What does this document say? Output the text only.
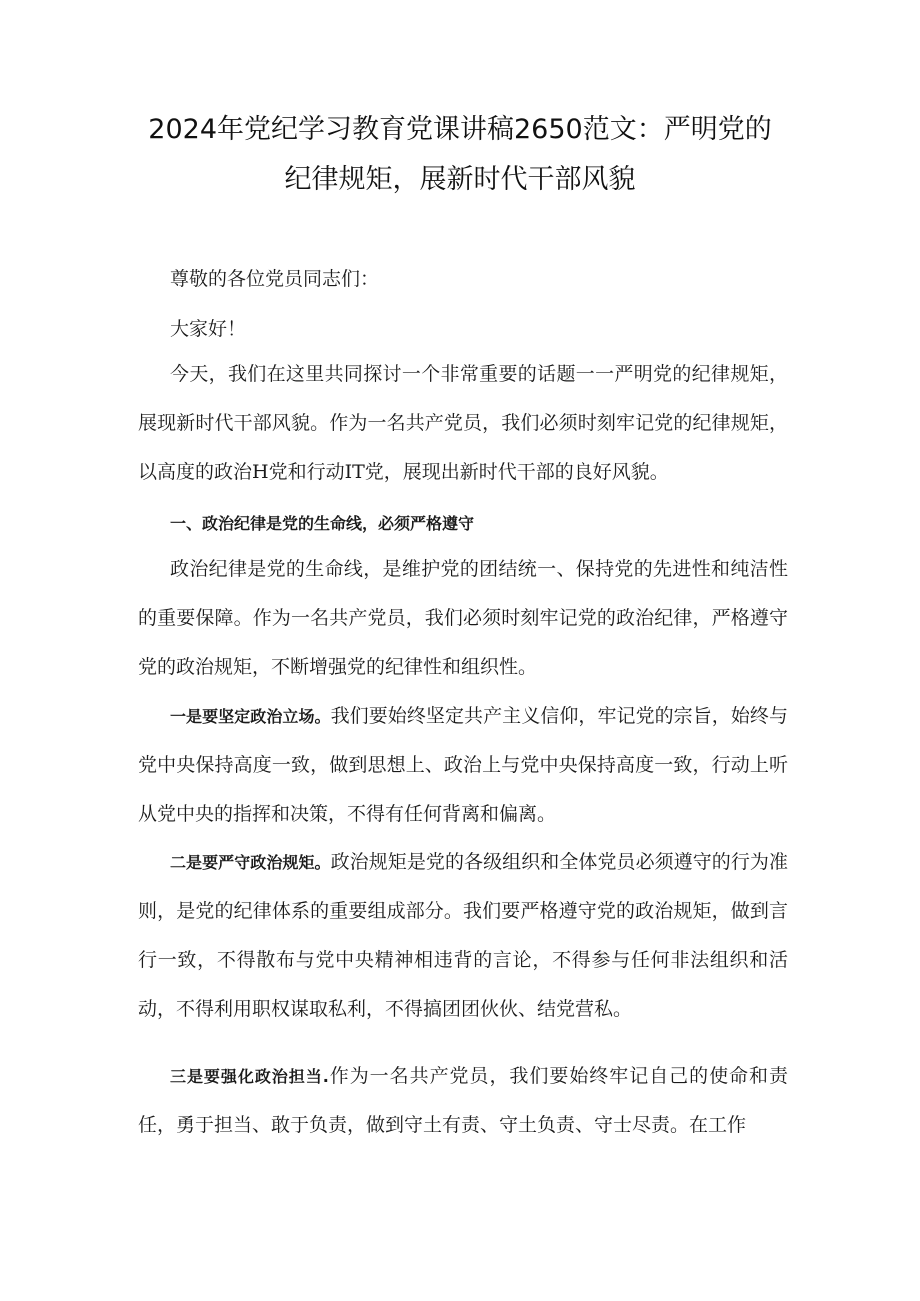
2024年党纪学习教育党课讲稿2650范文：严明党的
纪律规矩，展新时代干部风貌

尊敬的各位党员同志们：

大家好！

今天，我们在这里共同探讨一个非常重要的话题一一严明党的纪律规矩，展现新时代干部风貌。作为一名共产党员，我们必须时刻牢记党的纪律规矩，以高度的政治H党和行动IT党，展现出新时代干部的良好风貌。

一、政治纪律是党的生命线，必须严格遵守

政治纪律是党的生命线，是维护党的团结统一、保持党的先进性和纯洁性的重要保障。作为一名共产党员，我们必须时刻牢记党的政治纪律，严格遵守党的政治规矩，不断增强党的纪律性和组织性。

一是要坚定政治立场。我们要始终坚定共产主义信仰，牢记党的宗旨，始终与党中央保持高度一致，做到思想上、政治上与党中央保持高度一致，行动上听从党中央的指挥和决策，不得有任何背离和偏离。

二是要严守政治规矩。政治规矩是党的各级组织和全体党员必须遵守的行为准则，是党的纪律体系的重要组成部分。我们要严格遵守党的政治规矩，做到言行一致，不得散布与党中央精神相违背的言论，不得参与任何非法组织和活动，不得利用职权谋取私利，不得搞团团伙伙、结党营私。

三是要强化政治担当.作为一名共产党员，我们要始终牢记自己的使命和责任，勇于担当、敢于负责，做到守土有责、守土负责、守士尽责。在工作
